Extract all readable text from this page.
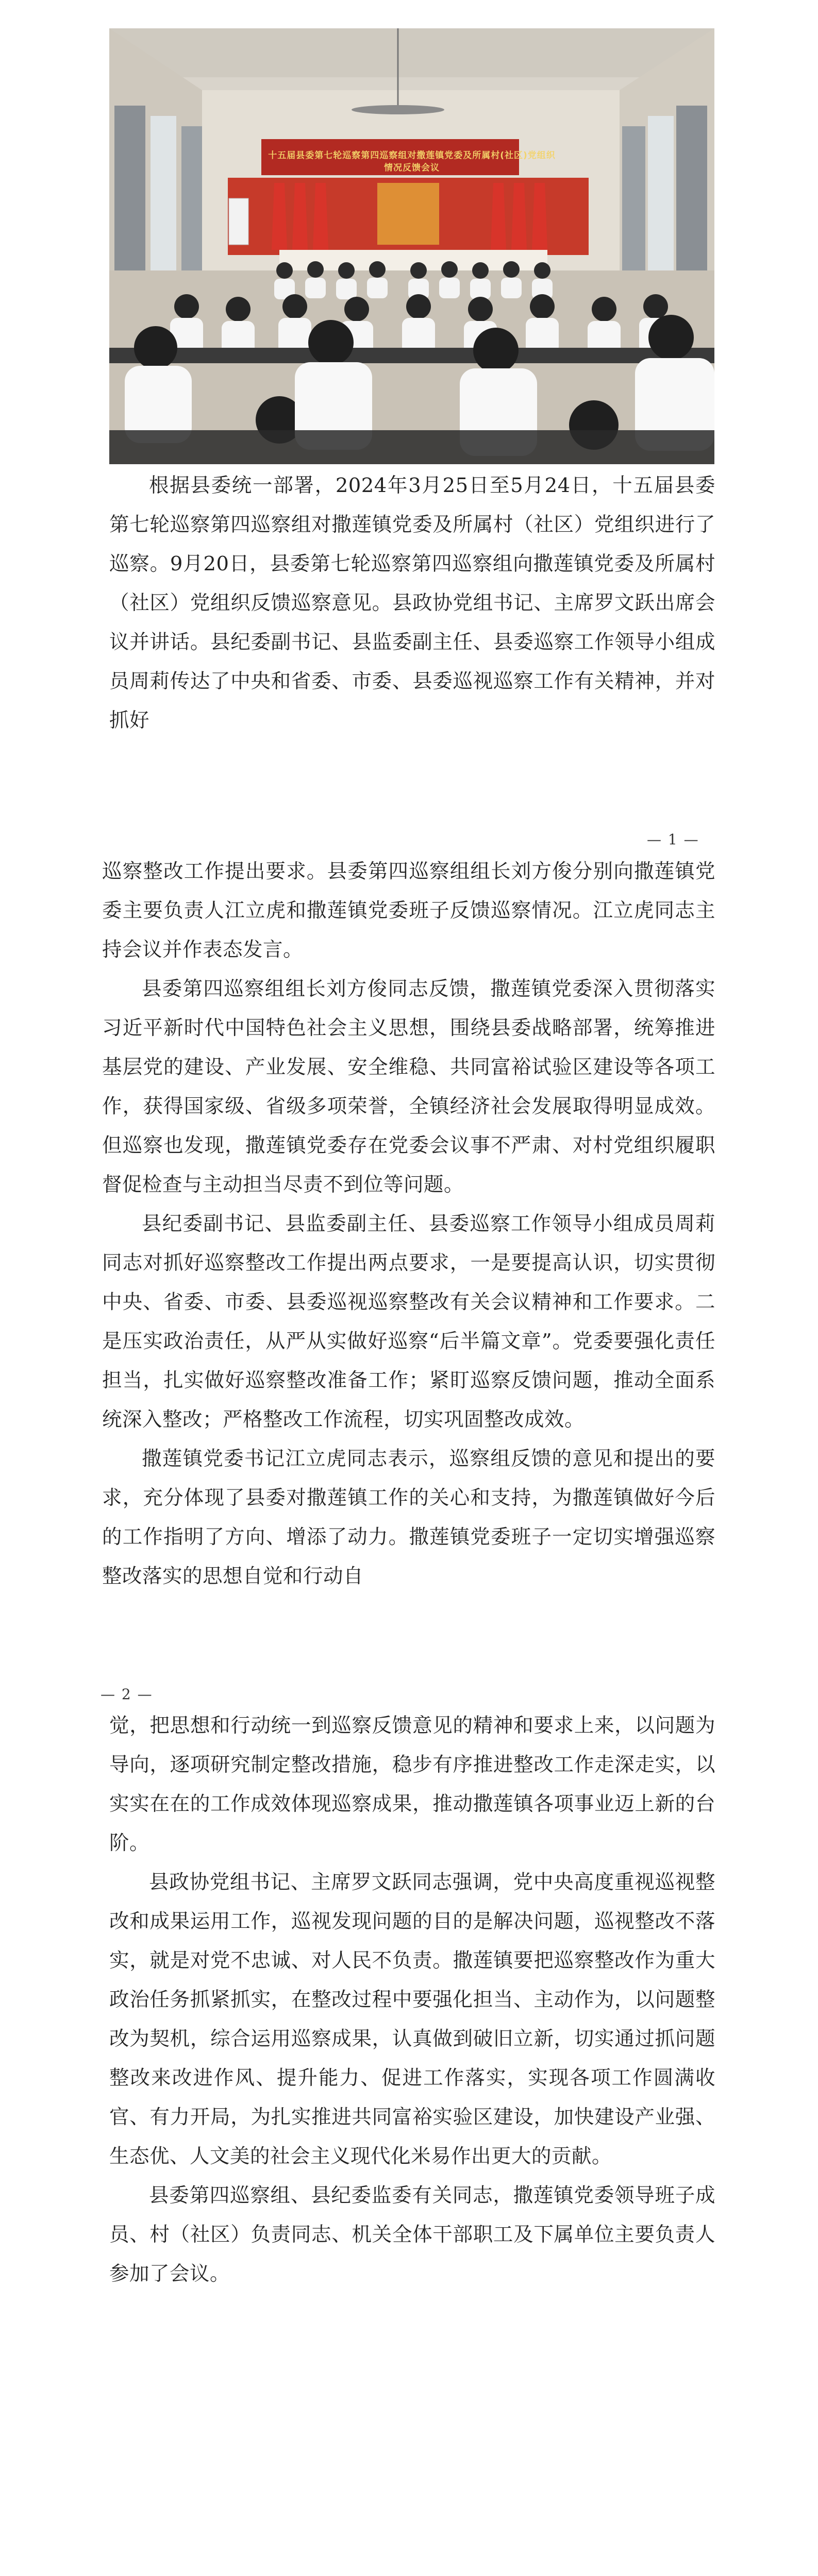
十五届县委第七轮巡察第四巡察组对撒莲镇党委及所属村(社区)党组织
情况反馈会议

根据县委统一部署，2024年3月25日至5月24日，十五届县委第七轮巡察第四巡察组对撒莲镇党委及所属村（社区）党组织进行了巡察。9月20日，县委第七轮巡察第四巡察组向撒莲镇党委及所属村（社区）党组织反馈巡察意见。县政协党组书记、主席罗文跃出席会议并讲话。县纪委副书记、县监委副主任、县委巡察工作领导小组成员周莉传达了中央和省委、市委、县委巡视巡察工作有关精神，并对抓好

— 1 —

巡察整改工作提出要求。县委第四巡察组组长刘方俊分别向撒莲镇党委主要负责人江立虎和撒莲镇党委班子反馈巡察情况。江立虎同志主持会议并作表态发言。

县委第四巡察组组长刘方俊同志反馈，撒莲镇党委深入贯彻落实习近平新时代中国特色社会主义思想，围绕县委战略部署，统筹推进基层党的建设、产业发展、安全维稳、共同富裕试验区建设等各项工作，获得国家级、省级多项荣誉，全镇经济社会发展取得明显成效。但巡察也发现，撒莲镇党委存在党委会议事不严肃、对村党组织履职督促检查与主动担当尽责不到位等问题。

县纪委副书记、县监委副主任、县委巡察工作领导小组成员周莉同志对抓好巡察整改工作提出两点要求，一是要提高认识，切实贯彻中央、省委、市委、县委巡视巡察整改有关会议精神和工作要求。二是压实政治责任，从严从实做好巡察“后半篇文章”。党委要强化责任担当，扎实做好巡察整改准备工作；紧盯巡察反馈问题，推动全面系统深入整改；严格整改工作流程，切实巩固整改成效。

撒莲镇党委书记江立虎同志表示，巡察组反馈的意见和提出的要求，充分体现了县委对撒莲镇工作的关心和支持，为撒莲镇做好今后的工作指明了方向、增添了动力。撒莲镇党委班子一定切实增强巡察整改落实的思想自觉和行动自

— 2 —

觉，把思想和行动统一到巡察反馈意见的精神和要求上来，以问题为导向，逐项研究制定整改措施，稳步有序推进整改工作走深走实，以实实在在的工作成效体现巡察成果，推动撒莲镇各项事业迈上新的台阶。

县政协党组书记、主席罗文跃同志强调，党中央高度重视巡视整改和成果运用工作，巡视发现问题的目的是解决问题，巡视整改不落实，就是对党不忠诚、对人民不负责。撒莲镇要把巡察整改作为重大政治任务抓紧抓实，在整改过程中要强化担当、主动作为，以问题整改为契机，综合运用巡察成果，认真做到破旧立新，切实通过抓问题整改来改进作风、提升能力、促进工作落实，实现各项工作圆满收官、有力开局，为扎实推进共同富裕实验区建设，加快建设产业强、生态优、人文美的社会主义现代化米易作出更大的贡献。

县委第四巡察组、县纪委监委有关同志，撒莲镇党委领导班子成员、村（社区）负责同志、机关全体干部职工及下属单位主要负责人参加了会议。
